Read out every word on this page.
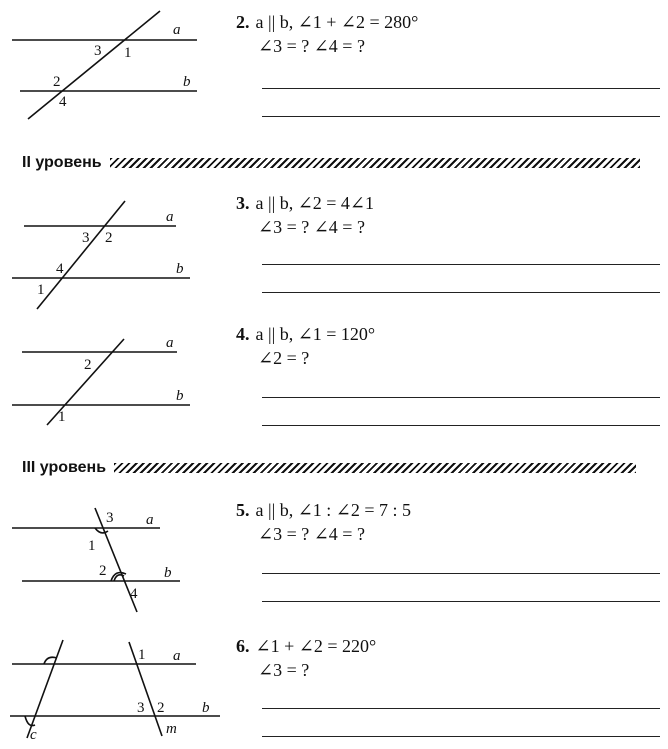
a
b
3 1
2
4
a
b
3 2
4
1
a
b
2
1
3
1
2
4
a
b
1
3 2
a
b
c	m
II уровень
III уровень
2. a || b, ∠1 + ∠2 = 280°
∠3 = ? ∠4 = ?
3. a || b, ∠2 = 4∠1
∠3 = ? ∠4 = ?
4. a || b, ∠1 = 120°
∠2 = ?
5. a || b, ∠1 : ∠2 = 7 : 5
∠3 = ? ∠4 = ?
6. ∠1 + ∠2 = 220°
∠3 = ?
